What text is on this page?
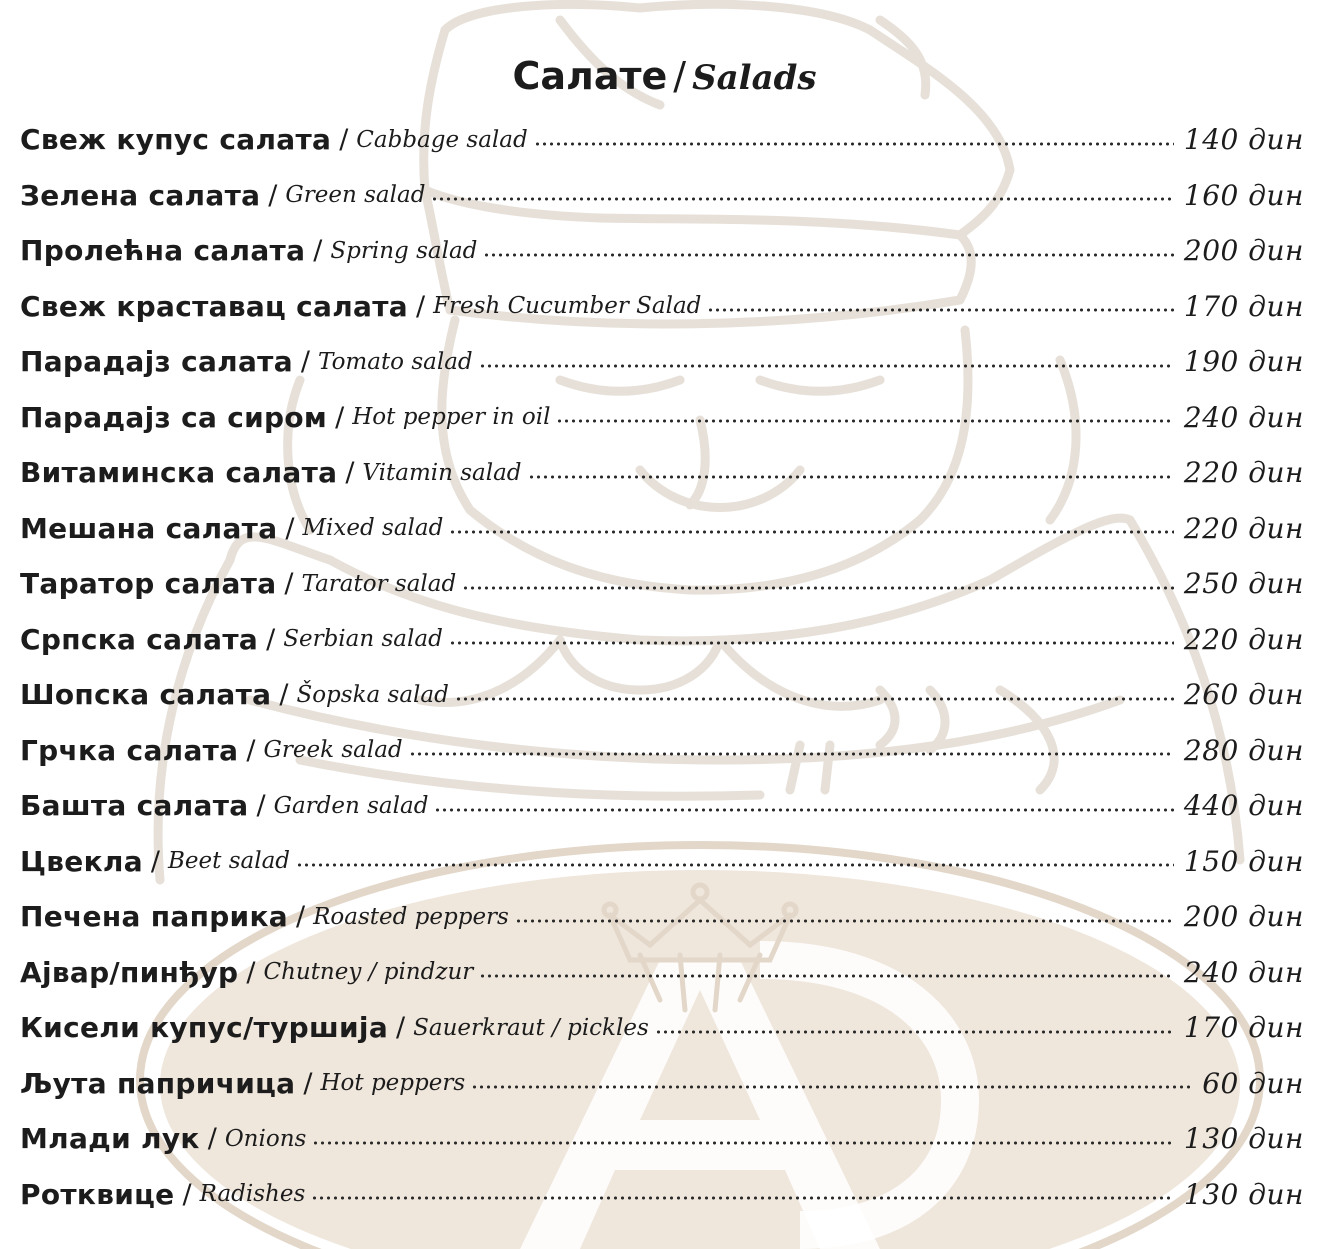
Салате / Salads
Свеж купус салата / Cabbage salad	140 дин
Зелена салата / Green salad	160 дин
Пролећна салата / Spring salad	200 дин
Свеж краставац салата / Fresh Cucumber Salad	170 дин
Парадајз салата / Tomato salad	190 дин
Парадајз са сиром / Hot pepper in oil	240 дин
Витаминска салата / Vitamin salad	220 дин
Мешана салата / Mixed salad	220 дин
Таратор салата / Tarator salad	250 дин
Српска салата / Serbian salad	220 дин
Шопска салата / Šopska salad	260 дин
Грчка салата / Greek salad	280 дин
Башта салата / Garden salad	440 дин
Цвекла / Beet salad	150 дин
Печена паприка / Roasted peppers	200 дин
Ајвар/пинђур / Chutney / pindzur	240 дин
Кисели купус/туршија / Sauerkraut / pickles	170 дин
Љута папричица / Hot peppers	60 дин
Млади лук / Onions	130 дин
Ротквице / Radishes	130 дин
